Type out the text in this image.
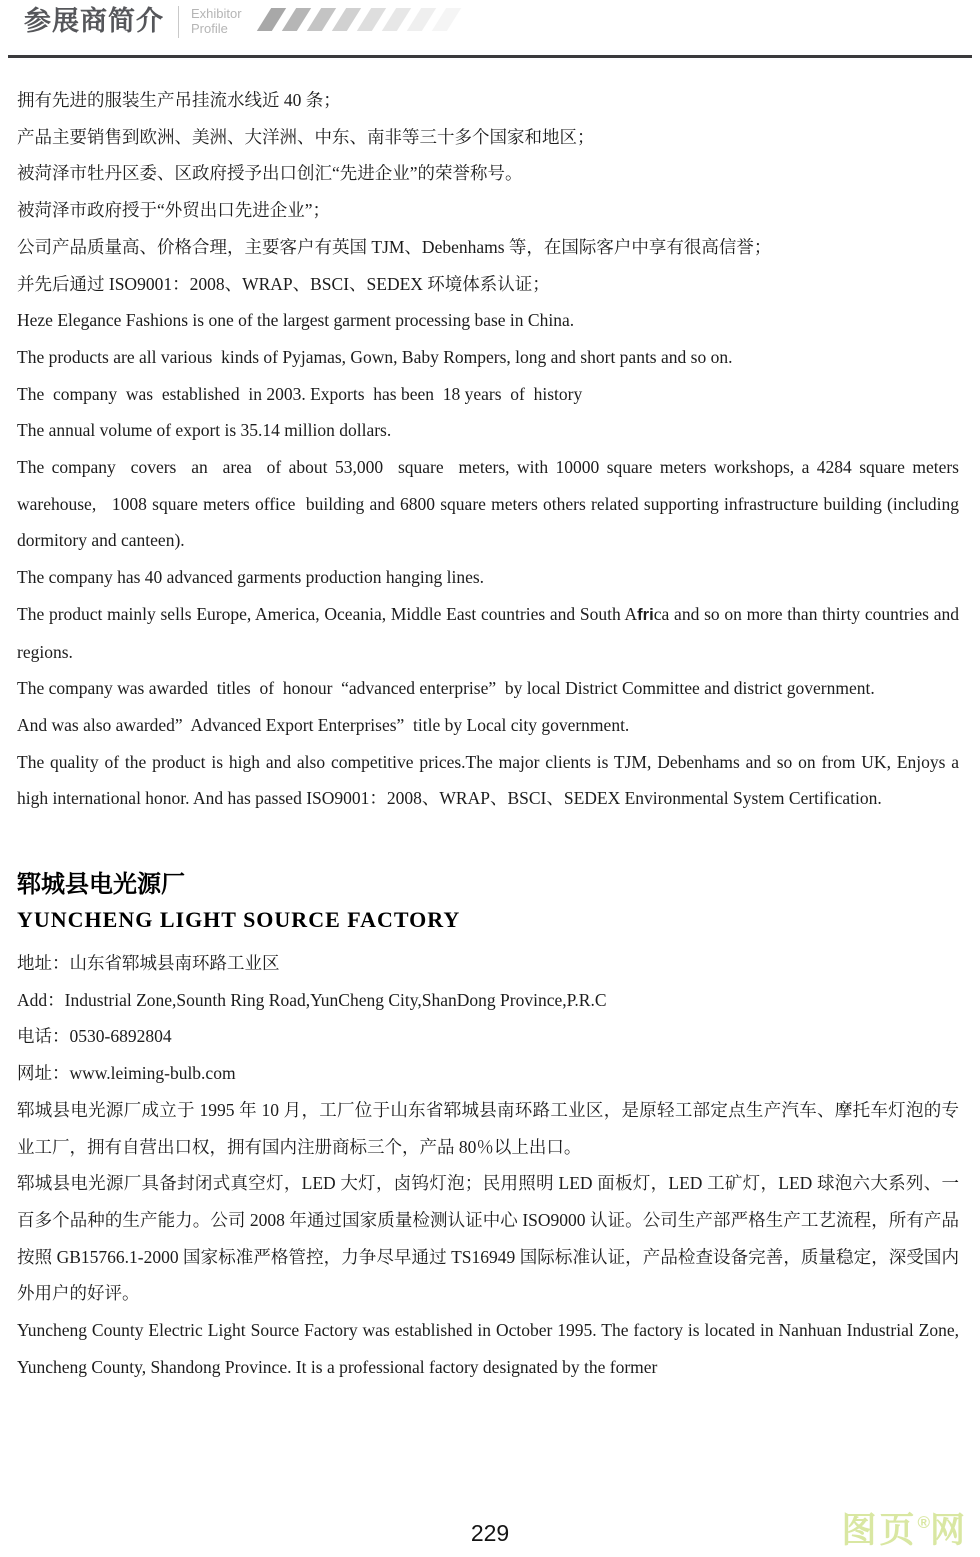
参展商简介 Exhibitor
Profile

拥有先进的服装生产吊挂流水线近 40 条；

产品主要销售到欧洲、美洲、大洋洲、中东、南非等三十多个国家和地区；

被菏泽市牡丹区委、区政府授予出口创汇“先进企业”的荣誉称号。

被菏泽市政府授于“外贸出口先进企业”；

公司产品质量高、价格合理，主要客户有英国 TJM、Debenhams 等，在国际客户中享有很高信誉；

并先后通过 ISO9001：2008、WRAP、BSCI、SEDEX 环境体系认证；

Heze Elegance Fashions is one of the largest garment processing base in China.

The products are all various  kinds of Pyjamas, Gown, Baby Rompers, long and short pants and so on.

The  company  was  established  in 2003. Exports  has been  18 years  of  history

The annual volume of export is 35.14 million dollars.

The company  covers  an  area  of about 53,000  square  meters, with 10000 square meters workshops, a 4284 square meters  warehouse,   1008 square meters office  building and 6800 square meters others related supporting infrastructure building (including dormitory and canteen).

The company has 40 advanced garments production hanging lines.

The product mainly sells Europe, America, Oceania, Middle East countries and South Africa and so on more than thirty countries and regions.

The company was awarded  titles  of  honour  “advanced enterprise”  by local District Committee and district government.

And was also awarded”  Advanced Export Enterprises”  title by Local city government.

The quality of the product is high and also competitive prices.The major clients is TJM, Debenhams and so on from UK, Enjoys a high international honor. And has passed ISO9001：2008、WRAP、BSCI、SEDEX Environmental System Certification.

郓城县电光源厂
YUNCHENG LIGHT SOURCE FACTORY

地址：山东省郓城县南环路工业区

Add：Industrial Zone,Sounth Ring Road,YunCheng City,ShanDong Province,P.R.C

电话：0530-6892804

网址：www.leiming-bulb.com

郓城县电光源厂成立于 1995 年 10 月，工厂位于山东省郓城县南环路工业区，是原轻工部定点生产汽车、摩托车灯泡的专业工厂，拥有自营出口权，拥有国内注册商标三个，产品 80％以上出口。

郓城县电光源厂具备封闭式真空灯，LED 大灯，卤钨灯泡；民用照明 LED 面板灯，LED 工矿灯，LED 球泡六大系列、一百多个品种的生产能力。公司 2008 年通过国家质量检测认证中心 ISO9000 认证。公司生产部严格生产工艺流程，所有产品按照 GB15766.1-2000 国家标准严格管控，力争尽早通过 TS16949 国际标准认证，产品检查设备完善，质量稳定，深受国内外用户的好评。

Yuncheng County Electric Light Source Factory was established in October 1995. The factory is located in Nanhuan Industrial Zone, Yuncheng County, Shandong Province. It is a professional factory designated by the former

229	图页®网
